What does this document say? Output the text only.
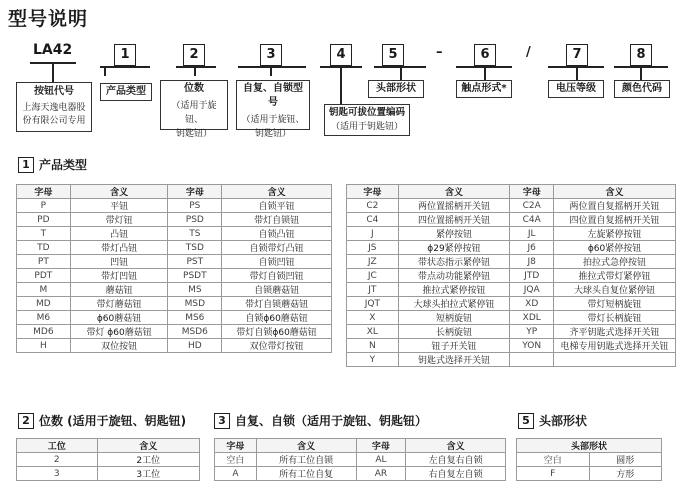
型号说明
LA42	1	2	3	4	5	–	6	/	7	8
按钮代号
上海天逸电器股
份有限公司专用
产品类型	位数
（适用于旋钮、
钥匙钮）
自复、自锁型号
（适用于旋钮、
钥匙钮）
钥匙可拔位置编码
（适用于钥匙钮）
头部形状	触点形式*	电压等级	颜色代码
1 产品类型
字母	含义	字母	含义
P	平钮	PS	自锁平钮
PD	带灯钮	PSD	带灯自锁钮
T	凸钮	TS	自锁凸钮
TD	带灯凸钮	TSD	自锁带灯凸钮
PT	凹钮	PST	自锁凹钮
PDT	带灯凹钮	PSDT	带灯自锁凹钮
M	蘑菇钮	MS	自锁蘑菇钮
MD	带灯蘑菇钮	MSD	带灯自锁蘑菇钮
M6	ϕ60蘑菇钮	MS6	自锁ϕ60蘑菇钮
MD6	带灯 ϕ60蘑菇钮	MSD6	带灯自锁ϕ60蘑菇钮
H	双位按钮	HD	双位带灯按钮
字母	含义	字母	含义
C2	两位置摇柄开关钮	C2A	两位置自复摇柄开关钮
C4	四位置摇柄开关钮	C4A	四位置自复摇柄开关钮
J	紧停按钮	JL	左旋紧停按钮
JS	ϕ29紧停按钮	J6	ϕ60紧停按钮
JZ	带状态指示紧停钮	J8	拍拉式急停按钮
JC	带点动功能紧停钮	JTD	推拉式带灯紧停钮
JT	推拉式紧停按钮	JQA	大球头自复位紧停钮
JQT	大球头拍拉式紧停钮	XD	带灯短柄旋钮
X	短柄旋钮	XDL	带灯长柄旋钮
XL	长柄旋钮	YP	齐平钥匙式选择开关钮
N	钮子开关钮	YON	电梯专用钥匙式选择开关钮
Y	钥匙式选择开关钮		
2 位数 (适用于旋钮、钥匙钮)
工位	含义
2	2工位
3	3工位
3 自复、自锁（适用于旋钮、钥匙钮）
字母	含义	字母	含义
空白	所有工位自锁	AL	左自复右自锁
A	所有工位自复	AR	右自复左自锁
5 头部形状
头部形状	
空白	圆形
F	方形
